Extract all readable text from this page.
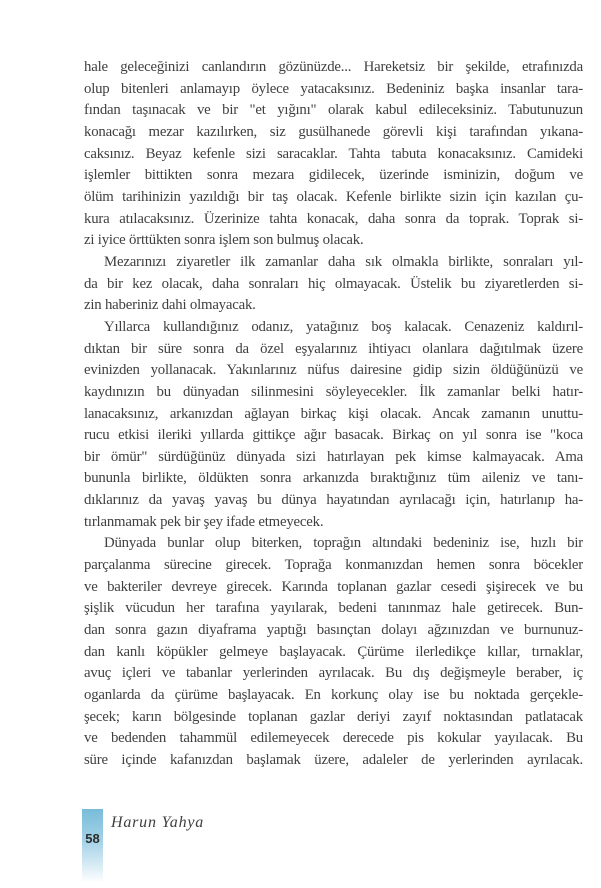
hale geleceğinizi canlandırın gözünüzde... Hareketsiz bir şekilde, etrafınızda
olup bitenleri anlamayıp öylece yatacaksınız. Bedeniniz başka insanlar tara-
fından taşınacak ve bir "et yığını" olarak kabul edileceksiniz. Tabutunuzun
konacağı mezar kazılırken, siz gusülhanede görevli kişi tarafından yıkana-
caksınız. Beyaz kefenle sizi saracaklar. Tahta tabuta konacaksınız. Camideki
işlemler bittikten sonra mezara gidilecek, üzerinde isminizin, doğum ve
ölüm tarihinizin yazıldığı bir taş olacak. Kefenle birlikte sizin için kazılan çu-
kura atılacaksınız. Üzerinize tahta konacak, daha sonra da toprak. Toprak si-
zi iyice örttükten sonra işlem son bulmuş olacak.
Mezarınızı ziyaretler ilk zamanlar daha sık olmakla birlikte, sonraları yıl-
da bir kez olacak, daha sonraları hiç olmayacak. Üstelik bu ziyaretlerden si-
zin haberiniz dahi olmayacak.
Yıllarca kullandığınız odanız, yatağınız boş kalacak. Cenazeniz kaldırıl-
dıktan bir süre sonra da özel eşyalarınız ihtiyacı olanlara dağıtılmak üzere
evinizden yollanacak. Yakınlarınız nüfus dairesine gidip sizin öldüğünüzü ve
kaydınızın bu dünyadan silinmesini söyleyecekler. İlk zamanlar belki hatır-
lanacaksınız, arkanızdan ağlayan birkaç kişi olacak. Ancak zamanın unuttu-
rucu etkisi ileriki yıllarda gittikçe ağır basacak. Birkaç on yıl sonra ise "koca
bir ömür" sürdüğünüz dünyada sizi hatırlayan pek kimse kalmayacak. Ama
bununla birlikte, öldükten sonra arkanızda bıraktığınız tüm aileniz ve tanı-
dıklarınız da yavaş yavaş bu dünya hayatından ayrılacağı için, hatırlanıp ha-
tırlanmamak pek bir şey ifade etmeyecek.
Dünyada bunlar olup biterken, toprağın altındaki bedeniniz ise, hızlı bir
parçalanma sürecine girecek. Toprağa konmanızdan hemen sonra böcekler
ve bakteriler devreye girecek. Karında toplanan gazlar cesedi şişirecek ve bu
şişlik vücudun her tarafına yayılarak, bedeni tanınmaz hale getirecek. Bun-
dan sonra gazın diyaframa yaptığı basınçtan dolayı ağzınızdan ve burnunuz-
dan kanlı köpükler gelmeye başlayacak. Çürüme ilerledikçe kıllar, tırnaklar,
avuç içleri ve tabanlar yerlerinden ayrılacak. Bu dış değişmeyle beraber, iç
oganlarda da çürüme başlayacak. En korkunç olay ise bu noktada gerçekle-
şecek; karın bölgesinde toplanan gazlar deriyi zayıf noktasından patlatacak
ve bedenden tahammül edilemeyecek derecede pis kokular yayılacak. Bu
süre içinde kafanızdan başlamak üzere, adaleler de yerlerinden ayrılacak.
58
Harun Yahya
